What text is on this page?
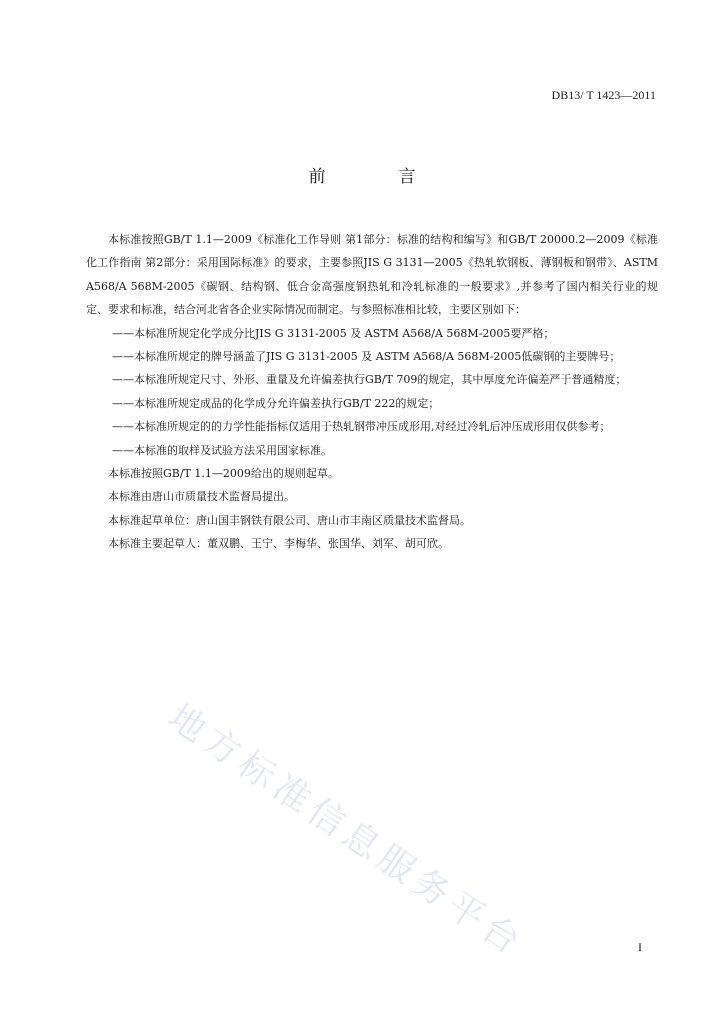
DB13/ T 1423—2011
前　言

本标准按照GB/T 1.1—2009《标准化工作导则 第1部分：标准的结构和编写》和GB/T 20000.2—2009《标准化工作指南 第2部分：采用国际标准》的要求，主要参照JIS G 3131—2005《热轧软钢板、薄钢板和钢带》、ASTM A568/A 568M-2005《碳钢、结构钢、低合金高强度钢热轧和冷轧标准的一般要求》,并参考了国内相关行业的规定、要求和标准，结合河北省各企业实际情况而制定。与参照标准相比较，主要区别如下：

——本标准所规定化学成分比JIS G 3131-2005 及 ASTM A568/A 568M-2005要严格；

——本标准所规定的牌号涵盖了JIS G 3131-2005 及 ASTM A568/A 568M-2005低碳钢的主要牌号；

——本标准所规定尺寸、外形、重量及允许偏差执行GB/T 709的规定，其中厚度允许偏差严于普通精度；

——本标准所规定成品的化学成分允许偏差执行GB/T 222的规定；

——本标准所规定的的力学性能指标仅适用于热轧钢带冲压成形用,对经过冷轧后冲压成形用仅供参考；

——本标准的取样及试验方法采用国家标准。

本标准按照GB/T 1.1—2009给出的规则起草。

本标准由唐山市质量技术监督局提出。

本标准起草单位：唐山国丰钢铁有限公司、唐山市丰南区质量技术监督局。

本标准主要起草人：董双鹏、王宁、李梅华、张国华、刘军、胡可欣。

地方标准信息服务平台	I
